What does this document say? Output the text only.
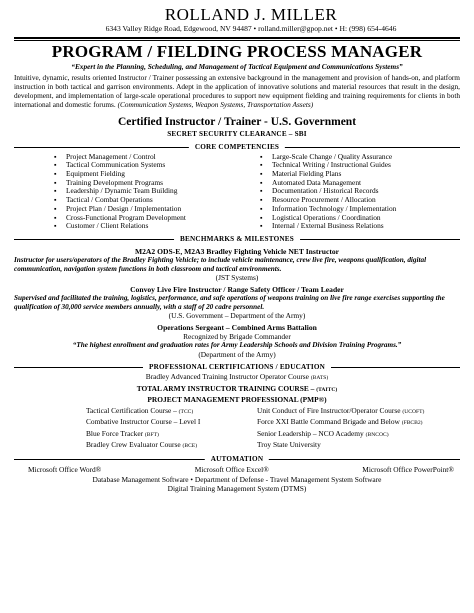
ROLLAND J. MILLER
6343 Valley Ridge Road, Edgewood, NV 94487 • rolland.miller@gpop.net • H: (998) 654-4646
PROGRAM / FIELDING PROCESS MANAGER
“Expert in the Planning, Scheduling, and Management of Tactical Equipment and Communications Systems”
Intuitive, dynamic, results oriented Instructor / Trainer possessing an extensive background in the management and provision of hands-on, and platform instruction in both tactical and garrison environments. Adept in the application of innovative solutions and material resources that result in the design, development, and implementation of large-scale operational procedures to support new equipment fielding and training requirements for clients in both international and domestic forums. (Communication Systems, Weapon Systems, Transportation Assets)
Certified Instructor / Trainer - U.S. Government
SECRET SECURITY CLEARANCE – SBI
CORE COMPETENCIES
▪ Project Management / Control
▪ Tactical Communication Systems
▪ Equipment Fielding
▪ Training Development Programs
▪ Leadership / Dynamic Team Building
▪ Tactical / Combat Operations
▪ Project Plan / Design / Implementation
▪ Cross-Functional Program Development
▪ Customer / Client Relations
▪ Large-Scale Change / Quality Assurance
▪ Technical Writing / Instructional Guides
▪ Material Fielding Plans
▪ Automated Data Management
▪ Documentation / Historical Records
▪ Resource Procurement / Allocation
▪ Information Technology / Implementation
▪ Logistical Operations / Coordination
▪ Internal / External Business Relations
BENCHMARKS & MILESTONES
M2A2 ODS-E, M2A3 Bradley Fighting Vehicle NET Instructor
Instructor for users/operators of the Bradley Fighting Vehicle; to include vehicle maintenance, crew live fire, weapons qualification, digital communication, navigation system functions in both classroom and tactical environments.
(JST Systems)
Convoy Live Fire Instructor / Range Safety Officer / Team Leader
Supervised and facilitated the training, logistics, performance, and safe operations of weapons training on live fire range exercises supporting the qualification of 30,000 service members annually, with a staff of 20 cadre personnel.
(U.S. Government – Department of the Army)
Operations Sergeant – Combined Arms Battalion
Recognized by Brigade Commander
“The highest enrollment and graduation rates for Army Leadership Schools and Division Training Programs.”
(Department of the Army)
PROFESSIONAL CERTIFICATIONS / EDUCATION
Bradley Advanced Training Instructor Operator Course (BATS)
TOTAL ARMY INSTRUCTOR TRAINING COURSE – (TAITC)
PROJECT MANAGEMENT PROFESSIONAL (PMP®)
Tactical Certification Course – (TCC)	Unit Conduct of Fire Instructor/Operator Course (UCOFT)
Combative Instructor Course – Level I	Force XXI Battle Command Brigade and Below (FBCB2)
Blue Force Tracker (BFT)	Senior Leadership – NCO Academy (BNCOC)
Bradley Crew Evaluator Course (BCE)	Troy State University
AUTOMATION
Microsoft Office Word®	Microsoft Office Excel®	Microsoft Office PowerPoint®
Database Management Software • Department of Defense - Travel Management System Software
Digital Training Management System (DTMS)
